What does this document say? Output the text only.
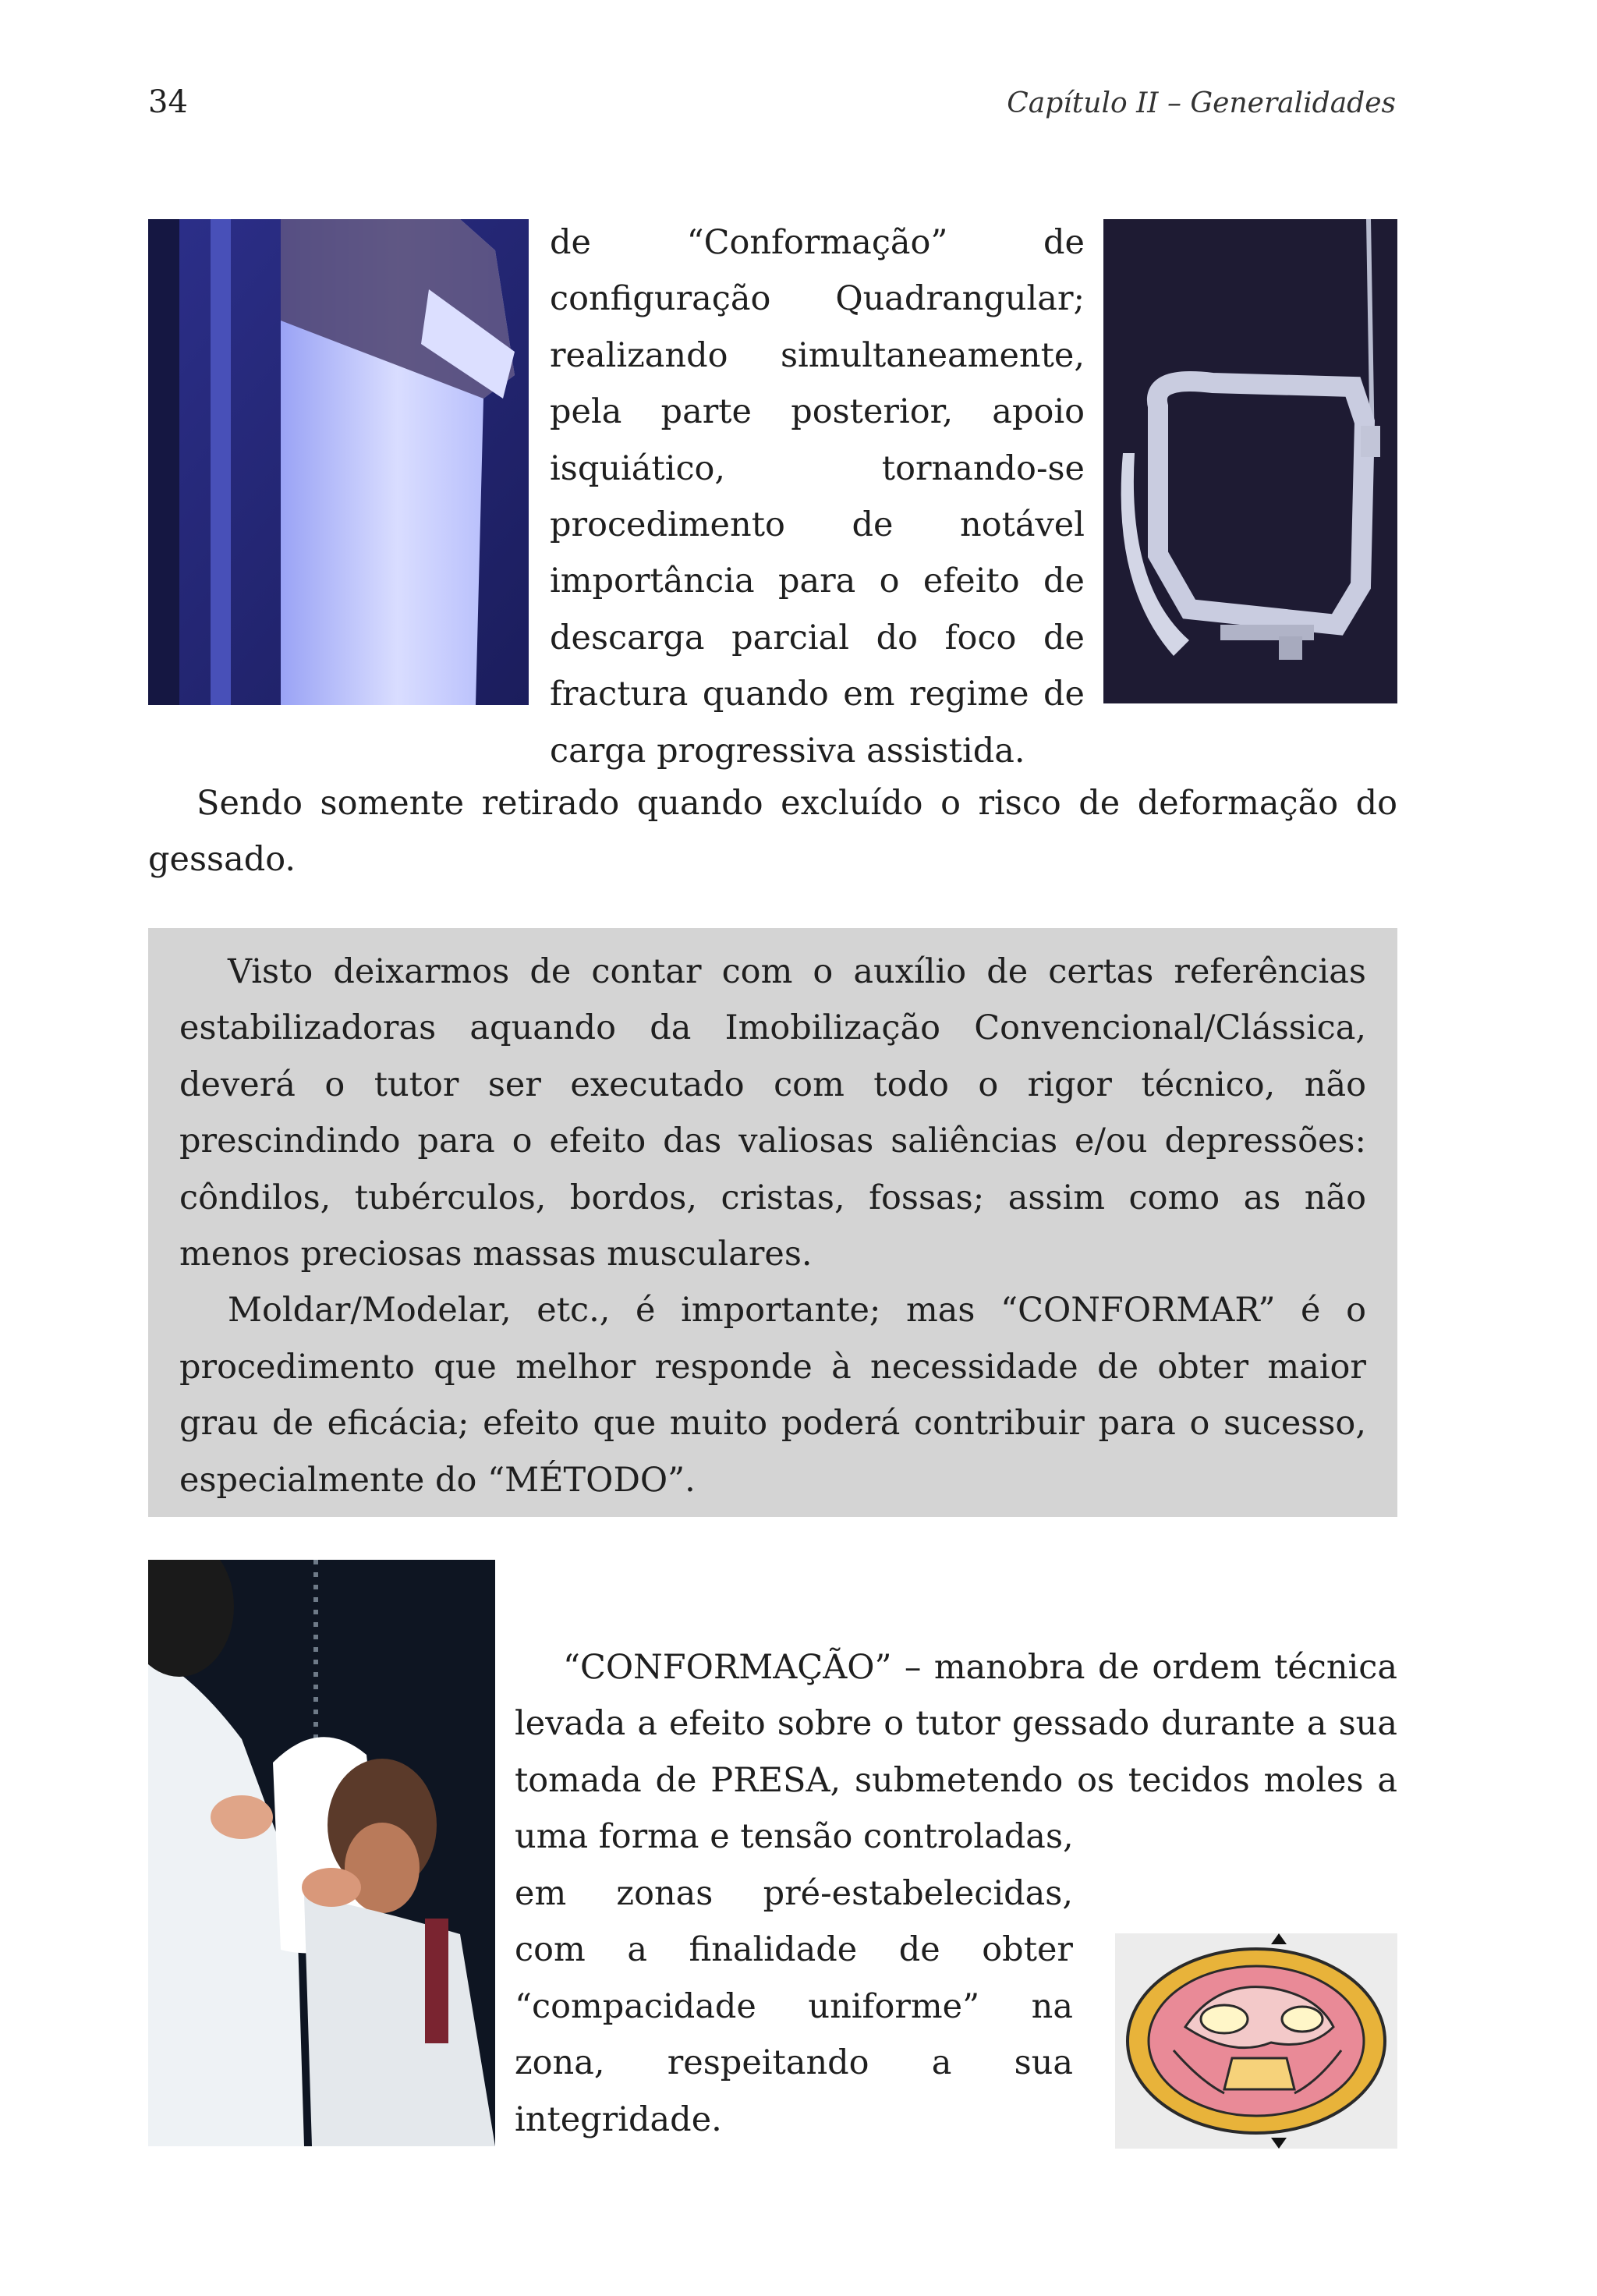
34	Capítulo II – Generalidades

de “Conformação” de configuração Quadrangular; realizando simultaneamente, pela parte posterior, apoio isquiático, tornando-se procedimento de notável importância para o efeito de descarga parcial do foco de fractura quando em regime de carga progressiva assistida.

Sendo somente retirado quando excluído o risco de deformação do gessado.

Visto deixarmos de contar com o auxílio de certas referências estabilizadoras aquando da Imobilização Convencional/Clássica, deverá o tutor ser executado com todo o rigor técnico, não prescindindo para o efeito das valiosas saliências e/ou depressões: côndilos, tubérculos, bordos, cristas, fossas; assim como as não menos preciosas massas musculares.

Moldar/Modelar, etc., é importante; mas “CONFORMAR” é o procedimento que melhor responde à necessidade de obter maior grau de eficácia; efeito que muito poderá contribuir para o sucesso, especialmente do “MÉTODO”.

“CONFORMAÇÃO” – manobra de ordem técnica levada a efeito sobre o tutor gessado durante a sua tomada de PRESA, submetendo os tecidos moles a uma forma e tensão controladas,

em zonas pré-estabelecidas, com a finalidade de obter “compacidade uniforme” na zona, respeitando a sua integridade.
